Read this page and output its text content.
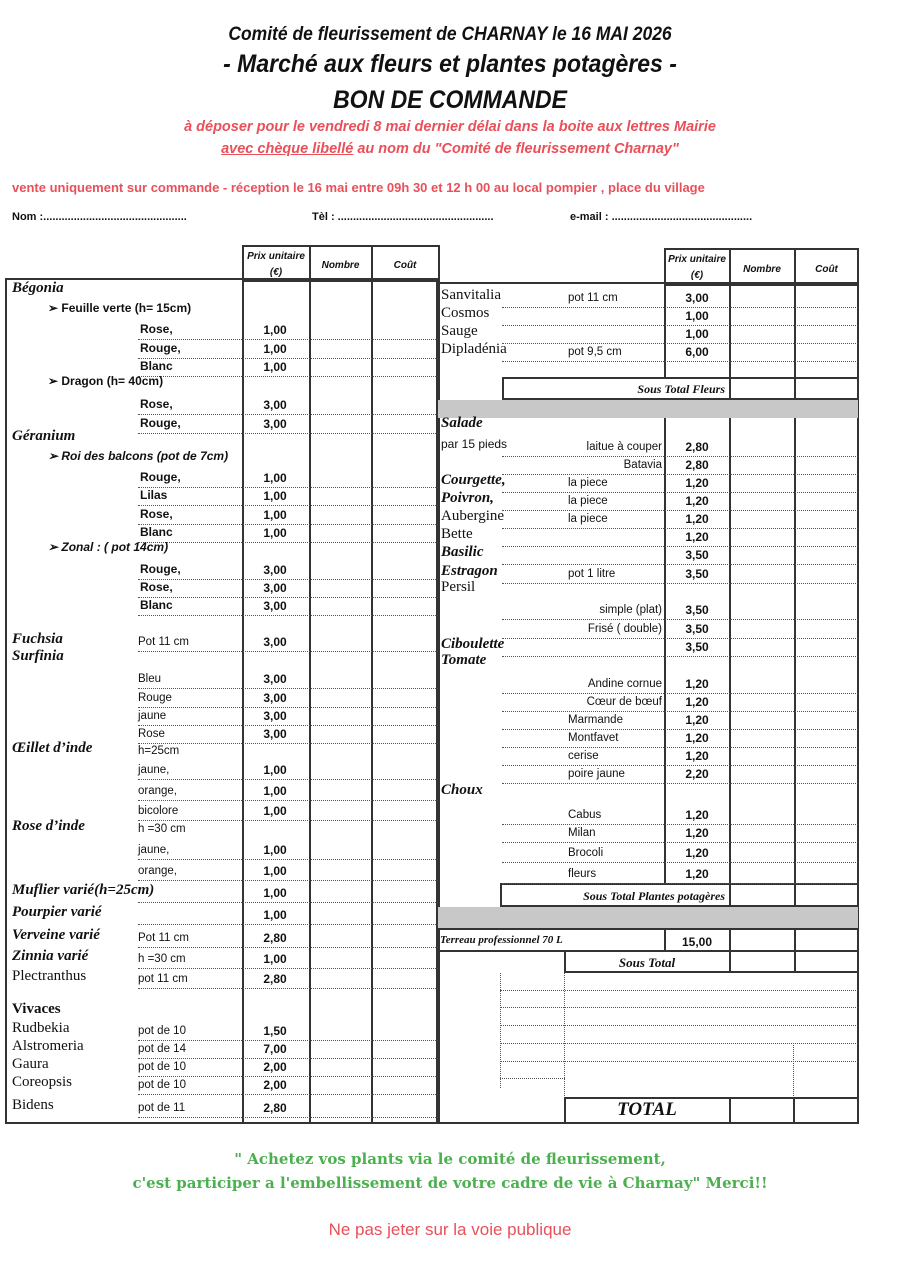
Comité de fleurissement de CHARNAY le 16 MAI 2026
- Marché aux fleurs et plantes potagères -
BON DE COMMANDE
à déposer pour le vendredi 8 mai dernier délai dans la boite aux lettres Mairie
avec chèque libellé au nom du "Comité de fleurissement Charnay"
vente uniquement sur commande - réception le 16 mai entre 09h 30 et 12 h 00 au local pompier , place du village
Nom :...............................................	Tèl : ...................................................	e-mail : ..............................................
Prix unitaire
(€)
Nombre	Coût
Prix unitaire
(€)
Nombre	Coût
Sous Total Fleurs
Sous Total Plantes potagères
Terreau professionnel 70 L	15,00
Sous Total
TOTAL
Bégonia
➢ Feuille verte (h= 15cm)
Rose,	1,00
Rouge,	1,00
Blanc	1,00
➢ Dragon (h= 40cm)
Rose,	3,00
Rouge,	3,00
Géranium
➢ Roi des balcons (pot de 7cm)
Rouge,	1,00
Lilas	1,00
Rose,	1,00
Blanc	1,00
➢ Zonal : ( pot 14cm)
Rouge,	3,00
Rose,	3,00
Blanc	3,00
Fuchsia	Pot 11 cm	3,00
Surfinia
Bleu	3,00
Rouge	3,00
jaune	3,00
Rose	3,00
Œillet d’inde	h=25cm
jaune,	1,00
orange,	1,00
bicolore	1,00
Rose d’inde	h =30 cm
jaune,	1,00
orange,	1,00
Muflier varié(h=25cm)	1,00
Pourpier varié	1,00
Verveine varié	Pot 11 cm	2,80
Zinnia varié	h =30 cm	1,00
Plectranthus	pot 11 cm	2,80
Vivaces
Rudbekia	pot de 10	1,50
Alstromeria	pot de 14	7,00
Gaura	pot de 10	2,00
Coreopsis	pot de 10	2,00
Bidens	pot de 11	2,80
Sanvitalia	pot 11 cm	3,00
Cosmos	1,00
Sauge	1,00
Dipladénia	pot 9,5 cm	6,00
Salade
par 15 pieds	laitue à couper	2,80
Batavia	2,80
Courgette,	la piece	1,20
Poivron,	la piece	1,20
Aubergine	la piece	1,20
Bette	1,20
Basilic	3,50
Estragon	pot 1 litre	3,50
Persil
simple (plat)	3,50
Frisé ( double)	3,50
Ciboulette	3,50
Tomate
Andine cornue	1,20
Cœur de bœuf	1,20
Marmande	1,20
Montfavet	1,20
cerise	1,20
poire jaune	2,20
Choux
Cabus	1,20
Milan	1,20
Brocoli	1,20
fleurs	1,20
" Achetez vos plants via le comité de fleurissement,
c'est participer a l'embellissement de votre cadre de vie à Charnay" Merci!!
Ne pas jeter sur la voie publique
